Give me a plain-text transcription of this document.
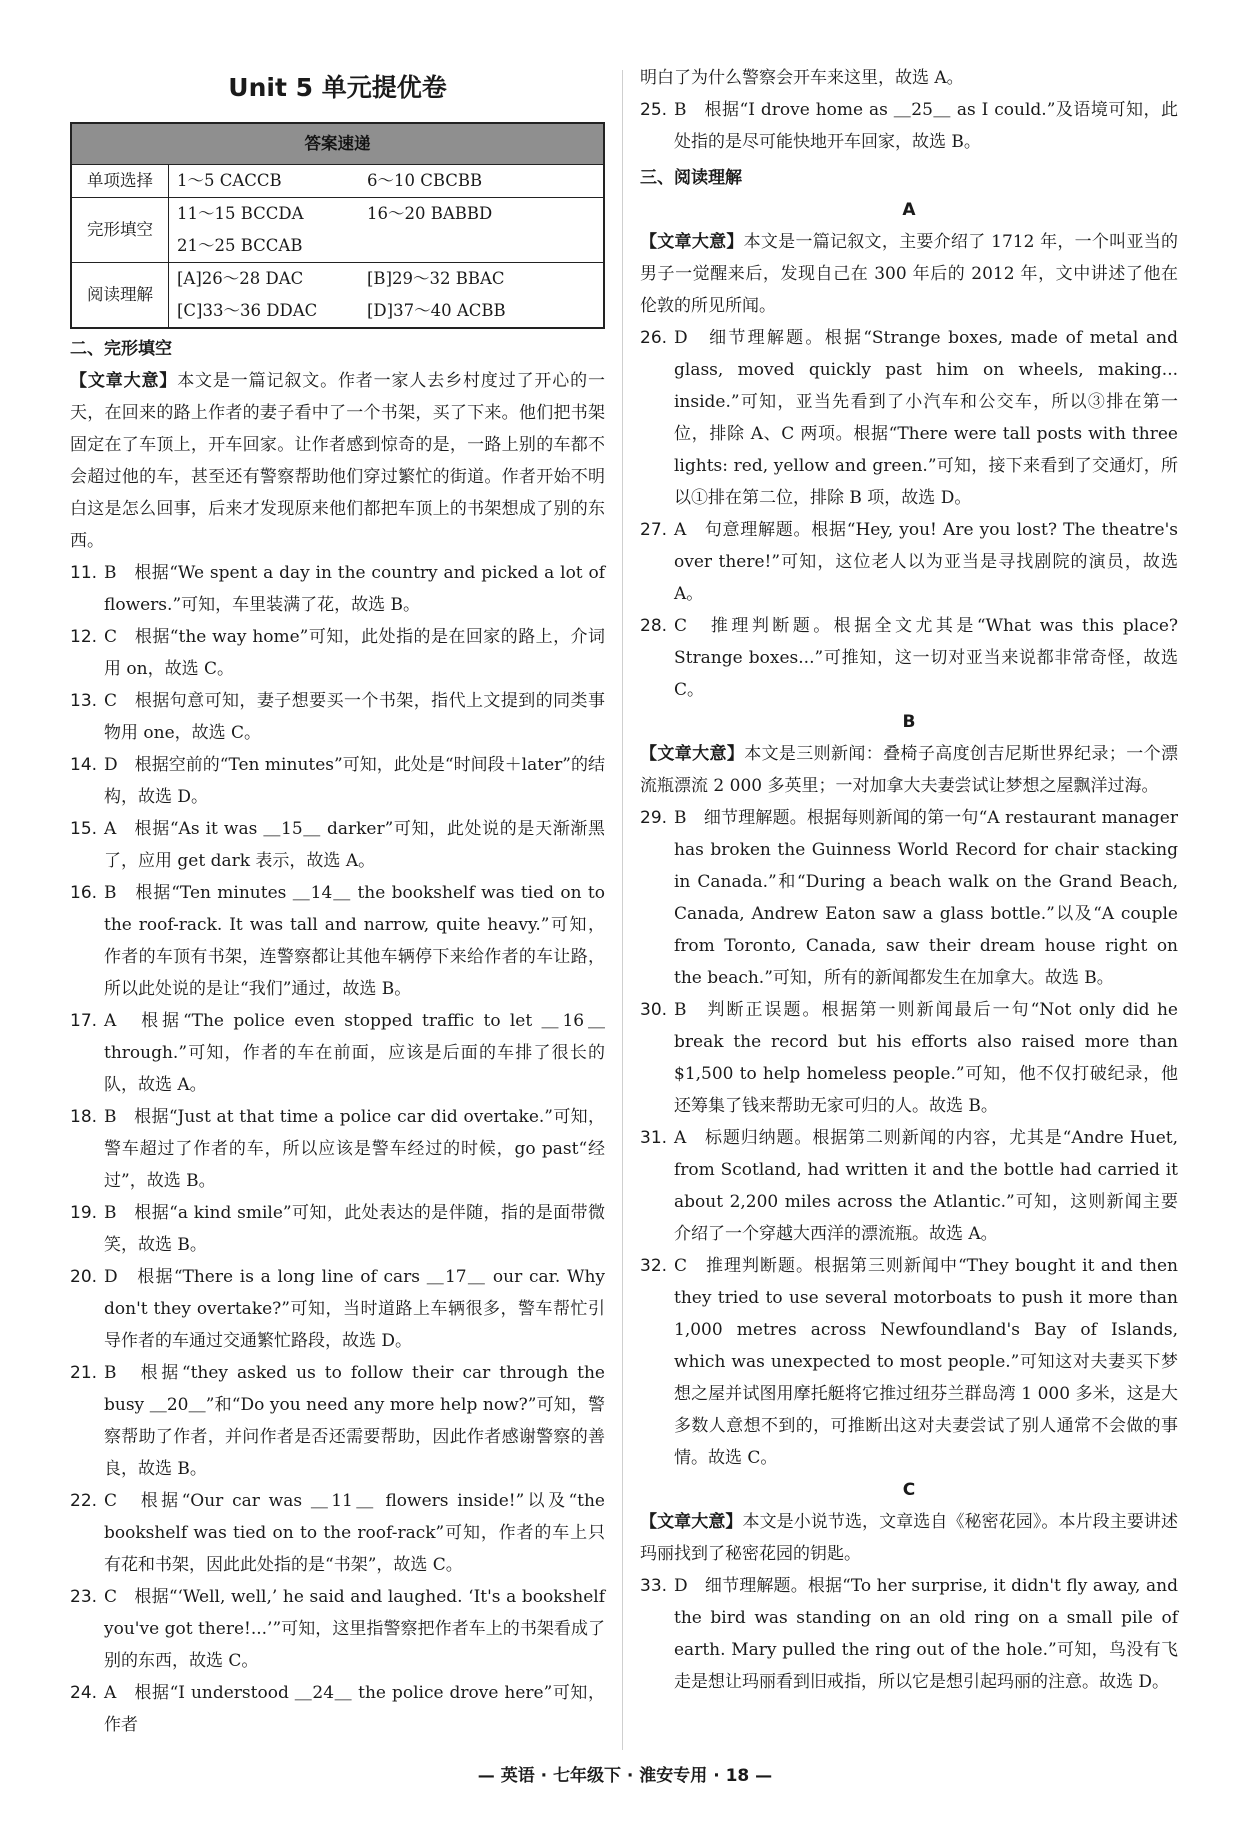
Unit 5 单元提优卷
答案速递	
单项选择	1～5 CACCB 6～10 CBCBB

完形填空	11～15 BCCDA 16～20 BABBD
21～25 BCCAB

阅读理解	[A]26～28 DAC [B]29～32 BBAC
[C]33～36 DDAC [D]37～40 ACBB
二、完形填空
【文章大意】本文是一篇记叙文。作者一家人去乡村度过了开心的一天，在回来的路上作者的妻子看中了一个书架，买了下来。他们把书架固定在了车顶上，开车回家。让作者感到惊奇的是，一路上别的车都不会超过他的车，甚至还有警察帮助他们穿过繁忙的街道。作者开始不明白这是怎么回事，后来才发现原来他们都把车顶上的书架想成了别的东西。
11. B　根据“We spent a day in the country and picked a lot of flowers.”可知，车里装满了花，故选 B。
12. C　根据“the way home”可知，此处指的是在回家的路上，介词用 on，故选 C。
13. C　根据句意可知，妻子想要买一个书架，指代上文提到的同类事物用 one，故选 C。
14. D　根据空前的“Ten minutes”可知，此处是“时间段＋later”的结构，故选 D。
15. A　根据“As it was ＿15＿ darker”可知，此处说的是天渐渐黑了，应用 get dark 表示，故选 A。
16. B　根据“Ten minutes ＿14＿ the bookshelf was tied on to the roof-rack. It was tall and narrow, quite heavy.”可知，作者的车顶有书架，连警察都让其他车辆停下来给作者的车让路，所以此处说的是让“我们”通过，故选 B。
17. A　根据“The police even stopped traffic to let ＿16＿ through.”可知，作者的车在前面，应该是后面的车排了很长的队，故选 A。
18. B　根据“Just at that time a police car did overtake.”可知，警车超过了作者的车，所以应该是警车经过的时候，go past“经过”，故选 B。
19. B　根据“a kind smile”可知，此处表达的是伴随，指的是面带微笑，故选 B。
20. D　根据“There is a long line of cars ＿17＿ our car. Why don't they overtake?”可知，当时道路上车辆很多，警车帮忙引导作者的车通过交通繁忙路段，故选 D。
21. B　根据“they asked us to follow their car through the busy ＿20＿”和“Do you need any more help now?”可知，警察帮助了作者，并问作者是否还需要帮助，因此作者感谢警察的善良，故选 B。
22. C　根据“Our car was ＿11＿ flowers inside!”以及“the bookshelf was tied on to the roof-rack”可知，作者的车上只有花和书架，因此此处指的是“书架”，故选 C。
23. C　根据“‘Well, well,’ he said and laughed. ‘It's a bookshelf you've got there!...’”可知，这里指警察把作者车上的书架看成了别的东西，故选 C。
24. A　根据“I understood ＿24＿ the police drove here”可知，作者
明白了为什么警察会开车来这里，故选 A。
25. B　根据“I drove home as ＿25＿ as I could.”及语境可知，此处指的是尽可能快地开车回家，故选 B。
三、阅读理解
A
【文章大意】本文是一篇记叙文，主要介绍了 1712 年，一个叫亚当的男子一觉醒来后，发现自己在 300 年后的 2012 年，文中讲述了他在伦敦的所见所闻。
26. D　细节理解题。根据“Strange boxes, made of metal and glass, moved quickly past him on wheels, making... inside.”可知，亚当先看到了小汽车和公交车，所以③排在第一位，排除 A、C 两项。根据“There were tall posts with three lights: red, yellow and green.”可知，接下来看到了交通灯，所以①排在第二位，排除 B 项，故选 D。
27. A　句意理解题。根据“Hey, you! Are you lost? The theatre's over there!”可知，这位老人以为亚当是寻找剧院的演员，故选 A。
28. C　推理判断题。根据全文尤其是“What was this place? Strange boxes...”可推知，这一切对亚当来说都非常奇怪，故选 C。
B
【文章大意】本文是三则新闻：叠椅子高度创吉尼斯世界纪录；一个漂流瓶漂流 2 000 多英里；一对加拿大夫妻尝试让梦想之屋飘洋过海。
29. B　细节理解题。根据每则新闻的第一句“A restaurant manager has broken the Guinness World Record for chair stacking in Canada.”和“During a beach walk on the Grand Beach, Canada, Andrew Eaton saw a glass bottle.”以及“A couple from Toronto, Canada, saw their dream house right on the beach.”可知，所有的新闻都发生在加拿大。故选 B。
30. B　判断正误题。根据第一则新闻最后一句“Not only did he break the record but his efforts also raised more than $1,500 to help homeless people.”可知，他不仅打破纪录，他还筹集了钱来帮助无家可归的人。故选 B。
31. A　标题归纳题。根据第二则新闻的内容，尤其是“Andre Huet, from Scotland, had written it and the bottle had carried it about 2,200 miles across the Atlantic.”可知，这则新闻主要介绍了一个穿越大西洋的漂流瓶。故选 A。
32. C　推理判断题。根据第三则新闻中“They bought it and then they tried to use several motorboats to push it more than 1,000 metres across Newfoundland's Bay of Islands, which was unexpected to most people.”可知这对夫妻买下梦想之屋并试图用摩托艇将它推过纽芬兰群岛湾 1 000 多米，这是大多数人意想不到的，可推断出这对夫妻尝试了别人通常不会做的事情。故选 C。
C
【文章大意】本文是小说节选，文章选自《秘密花园》。本片段主要讲述玛丽找到了秘密花园的钥匙。
33. D　细节理解题。根据“To her surprise, it didn't fly away, and the bird was standing on an old ring on a small pile of earth. Mary pulled the ring out of the hole.”可知，鸟没有飞走是想让玛丽看到旧戒指，所以它是想引起玛丽的注意。故选 D。
— 英语 · 七年级下 · 淮安专用 · 18 —
